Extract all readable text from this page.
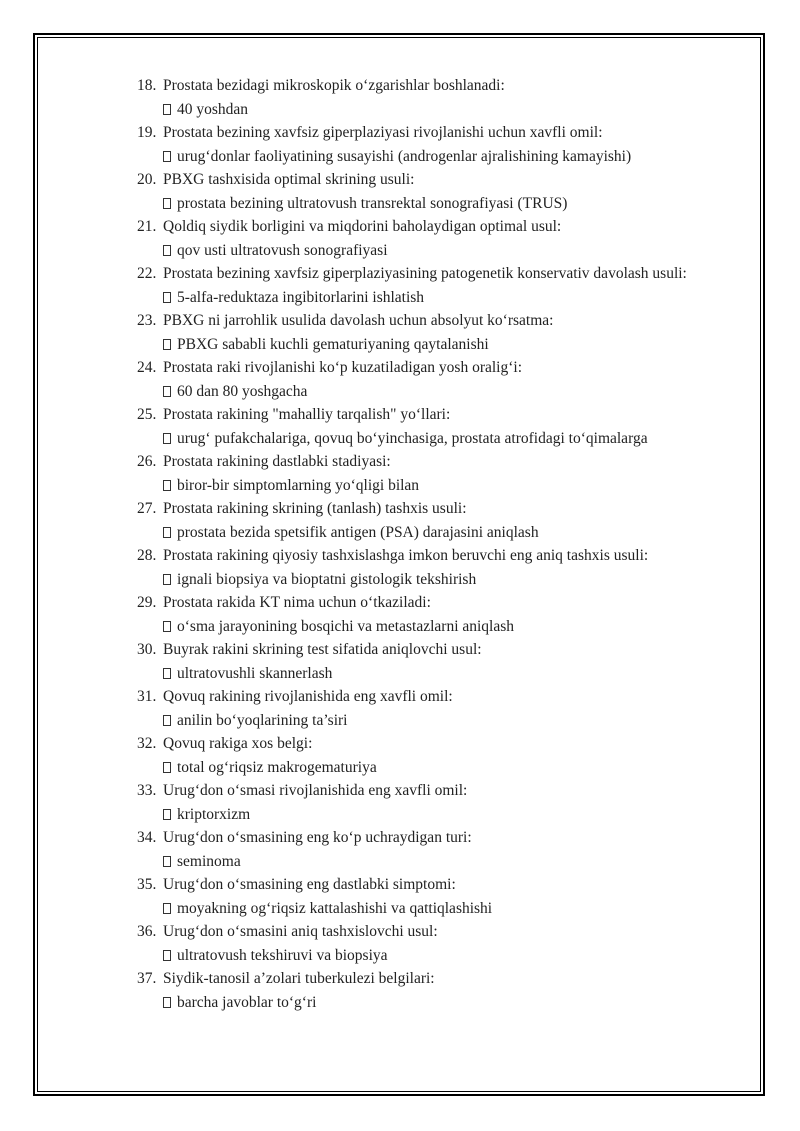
18. Prostata bezidagi mikroskopik o‘zgarishlar boshlanadi:
40 yoshdan
19. Prostata bezining xavfsiz giperplaziyasi rivojlanishi uchun xavfli omil:
urug‘donlar faoliyatining susayishi (androgenlar ajralishining kamayishi)
20. PBXG tashxisida optimal skrining usuli:
prostata bezining ultratovush transrektal sonografiyasi (TRUS)
21. Qoldiq siydik borligini va miqdorini baholaydigan optimal usul:
qov usti ultratovush sonografiyasi
22. Prostata bezining xavfsiz giperplaziyasining patogenetik konservativ davolash usuli:
5-alfa-reduktaza ingibitorlarini ishlatish
23. PBXG ni jarrohlik usulida davolash uchun absolyut ko‘rsatma:
PBXG sababli kuchli gematuriyaning qaytalanishi
24. Prostata raki rivojlanishi ko‘p kuzatiladigan yosh oralig‘i:
60 dan 80 yoshgacha
25. Prostata rakining "mahalliy tarqalish" yo‘llari:
urug‘ pufakchalariga, qovuq bo‘yinchasiga, prostata atrofidagi to‘qimalarga
26. Prostata rakining dastlabki stadiyasi:
biror-bir simptomlarning yo‘qligi bilan
27. Prostata rakining skrining (tanlash) tashxis usuli:
prostata bezida spetsifik antigen (PSA) darajasini aniqlash
28. Prostata rakining qiyosiy tashxislashga imkon beruvchi eng aniq tashxis usuli:
ignali biopsiya va bioptatni gistologik tekshirish
29. Prostata rakida KT nima uchun o‘tkaziladi:
o‘sma jarayonining bosqichi va metastazlarni aniqlash
30. Buyrak rakini skrining test sifatida aniqlovchi usul:
ultratovushli skannerlash
31. Qovuq rakining rivojlanishida eng xavfli omil:
anilin bo‘yoqlarining ta’siri
32. Qovuq rakiga xos belgi:
total og‘riqsiz makrogematuriya
33. Urug‘don o‘smasi rivojlanishida eng xavfli omil:
kriptorxizm
34. Urug‘don o‘smasining eng ko‘p uchraydigan turi:
seminoma
35. Urug‘don o‘smasining eng dastlabki simptomi:
moyakning og‘riqsiz kattalashishi va qattiqlashishi
36. Urug‘don o‘smasini aniq tashxislovchi usul:
ultratovush tekshiruvi va biopsiya
37. Siydik-tanosil a’zolari tuberkulezi belgilari:
barcha javoblar to‘g‘ri
